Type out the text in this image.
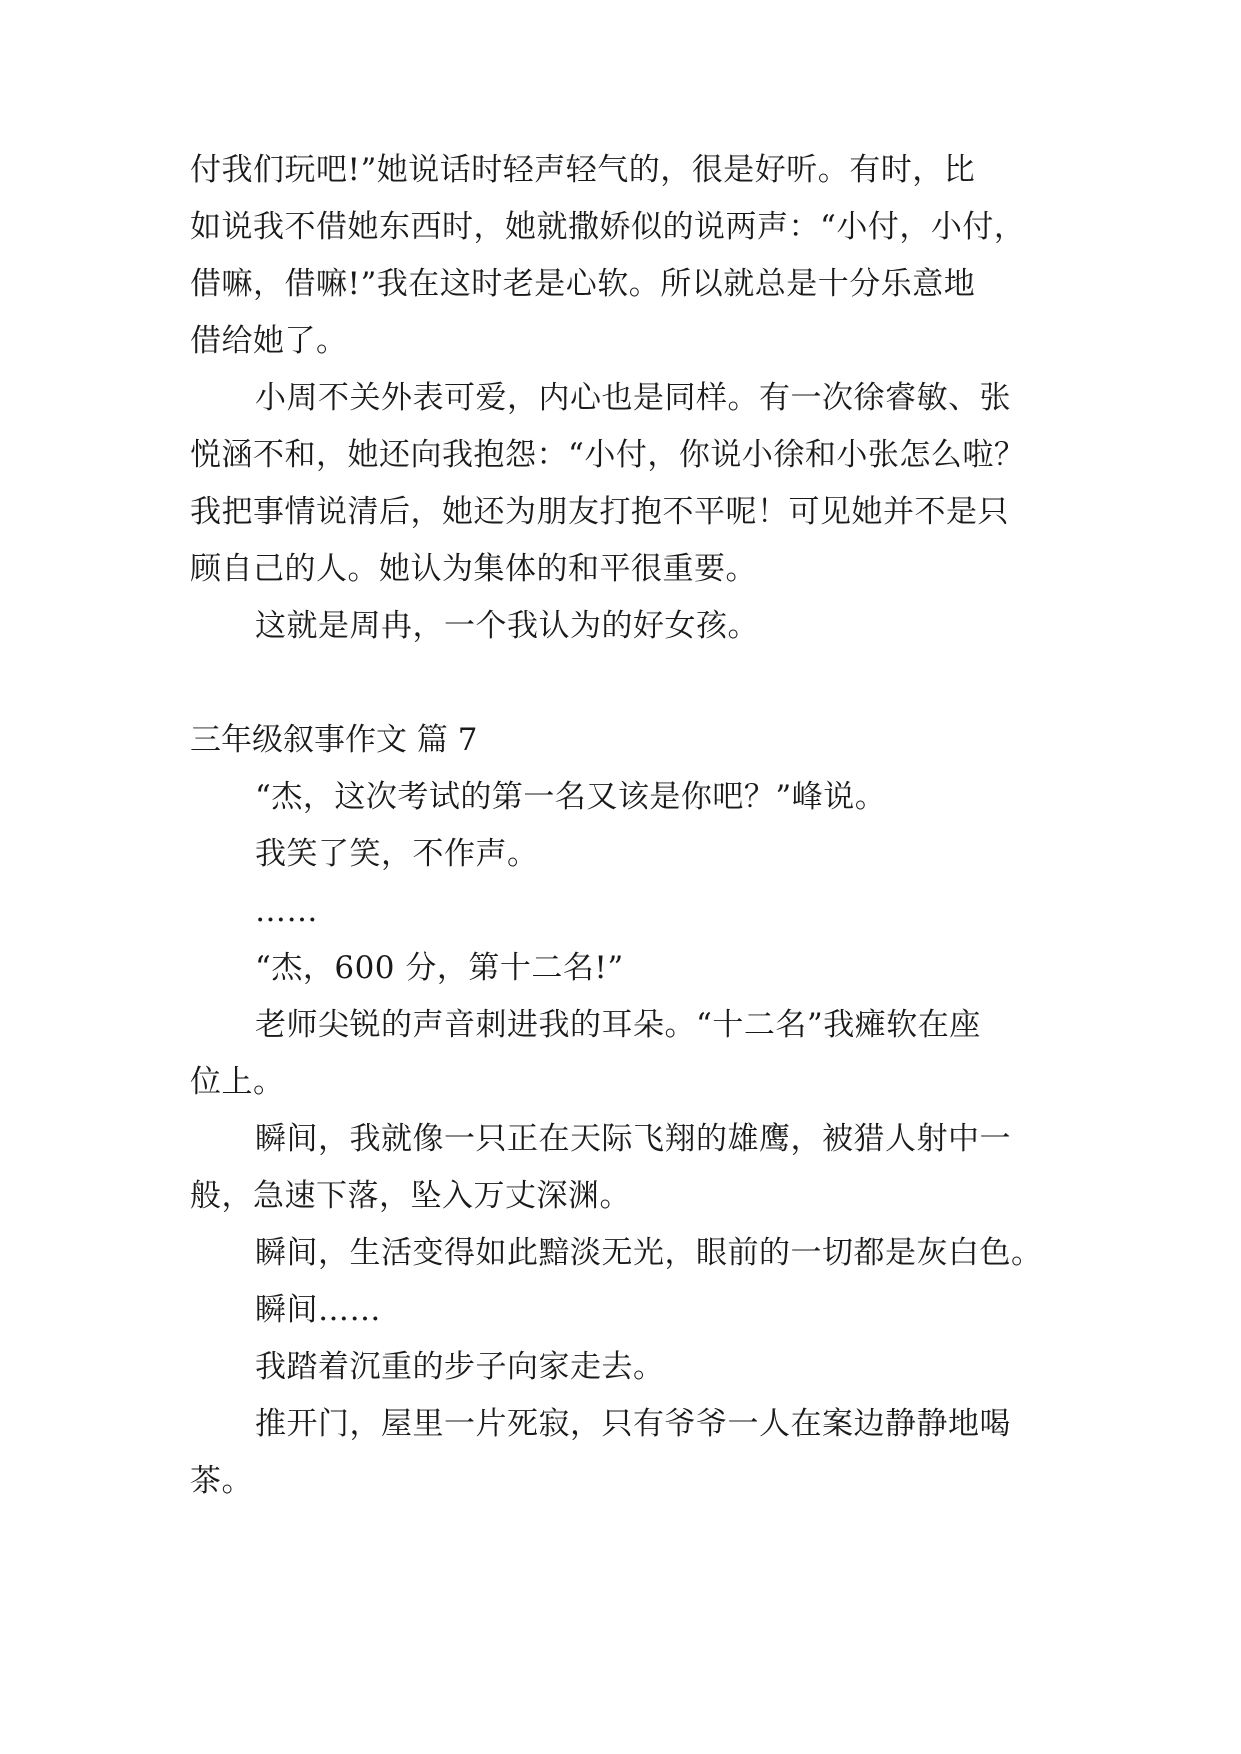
付我们玩吧!”她说话时轻声轻气的，很是好听。有时，比
如说我不借她东西时，她就撒娇似的说两声：“小付，小付，
借嘛，借嘛!”我在这时老是心软。所以就总是十分乐意地
借给她了。
小周不关外表可爱，内心也是同样。有一次徐睿敏、张
悦涵不和，她还向我抱怨：“小付，你说小徐和小张怎么啦？
我把事情说清后，她还为朋友打抱不平呢！可见她并不是只
顾自己的人。她认为集体的和平很重要。
这就是周冉，一个我认为的好女孩。
三年级叙事作文 篇 7
“杰，这次考试的第一名又该是你吧？”峰说。
我笑了笑，不作声。
……
“杰，600 分，第十二名!”
老师尖锐的声音刺进我的耳朵。“十二名”我瘫软在座
位上。
瞬间，我就像一只正在天际飞翔的雄鹰，被猎人射中一
般，急速下落，坠入万丈深渊。
瞬间，生活变得如此黯淡无光，眼前的一切都是灰白色。
瞬间……
我踏着沉重的步子向家走去。
推开门，屋里一片死寂，只有爷爷一人在案边静静地喝
茶。
